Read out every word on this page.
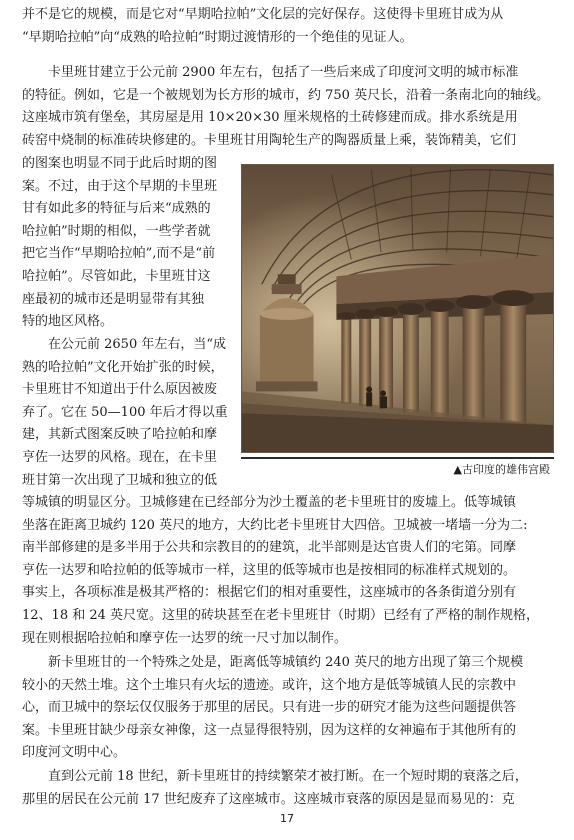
并不是它的规模，而是它对“早期哈拉帕”文化层的完好保存。这使得卡里班甘成为从
“早期哈拉帕”向“成熟的哈拉帕”时期过渡情形的一个绝佳的见证人。
卡里班甘建立于公元前 2900 年左右，包括了一些后来成了印度河文明的城市标准
的特征。例如，它是一个被规划为长方形的城市，约 750 英尺长，沿着一条南北向的轴线。
这座城市筑有堡垒，其房屋是用 10×20×30 厘米规格的土砖修建而成。排水系统是用
砖窑中烧制的标准砖块修建的。卡里班甘用陶轮生产的陶器质量上乘，装饰精美，它们
的图案也明显不同于此后时期的图
案。不过，由于这个早期的卡里班
甘有如此多的特征与后来“成熟的
哈拉帕”时期的相似，一些学者就
把它当作“早期哈拉帕”,而不是“前
哈拉帕”。尽管如此，卡里班甘这
座最初的城市还是明显带有其独
特的地区风格。
在公元前 2650 年左右，当“成
熟的哈拉帕”文化开始扩张的时候，
卡里班甘不知道出于什么原因被废
弃了。它在 50—100 年后才得以重
建，其新式图案反映了哈拉帕和摩
亨佐一达罗的风格。现在，在卡里
班甘第一次出现了卫城和独立的低
等城镇的明显区分。卫城修建在已经部分为沙土覆盖的老卡里班甘的废墟上。低等城镇
坐落在距离卫城约 120 英尺的地方，大约比老卡里班甘大四倍。卫城被一堵墙一分为二:
南半部修建的是多半用于公共和宗教目的的建筑，北半部则是达官贵人们的宅第。同摩
亨佐一达罗和哈拉帕的低等城市一样，这里的低等城市也是按相同的标准样式规划的。
事实上，各项标准是极其严格的：根据它们的相对重要性，这座城市的各条街道分别有
12、18 和 24 英尺宽。这里的砖块甚至在老卡里班甘（时期）已经有了严格的制作规格，
现在则根据哈拉帕和摩亨佐一达罗的统一尺寸加以制作。
新卡里班甘的一个特殊之处是，距离低等城镇约 240 英尺的地方出现了第三个规模
较小的天然土堆。这个土堆只有火坛的遗迹。或许，这个地方是低等城镇人民的宗教中
心，而卫城中的祭坛仅仅服务于那里的居民。只有进一步的研究才能为这些问题提供答
案。卡里班甘缺少母亲女神像，这一点显得很特别，因为这样的女神遍布于其他所有的
印度河文明中心。
直到公元前 18 世纪，新卡里班甘的持续繁荣才被打断。在一个短时期的衰落之后，
那里的居民在公元前 17 世纪废弃了这座城市。这座城市衰落的原因是显而易见的：克
▲古印度的雄伟宫殿
17
